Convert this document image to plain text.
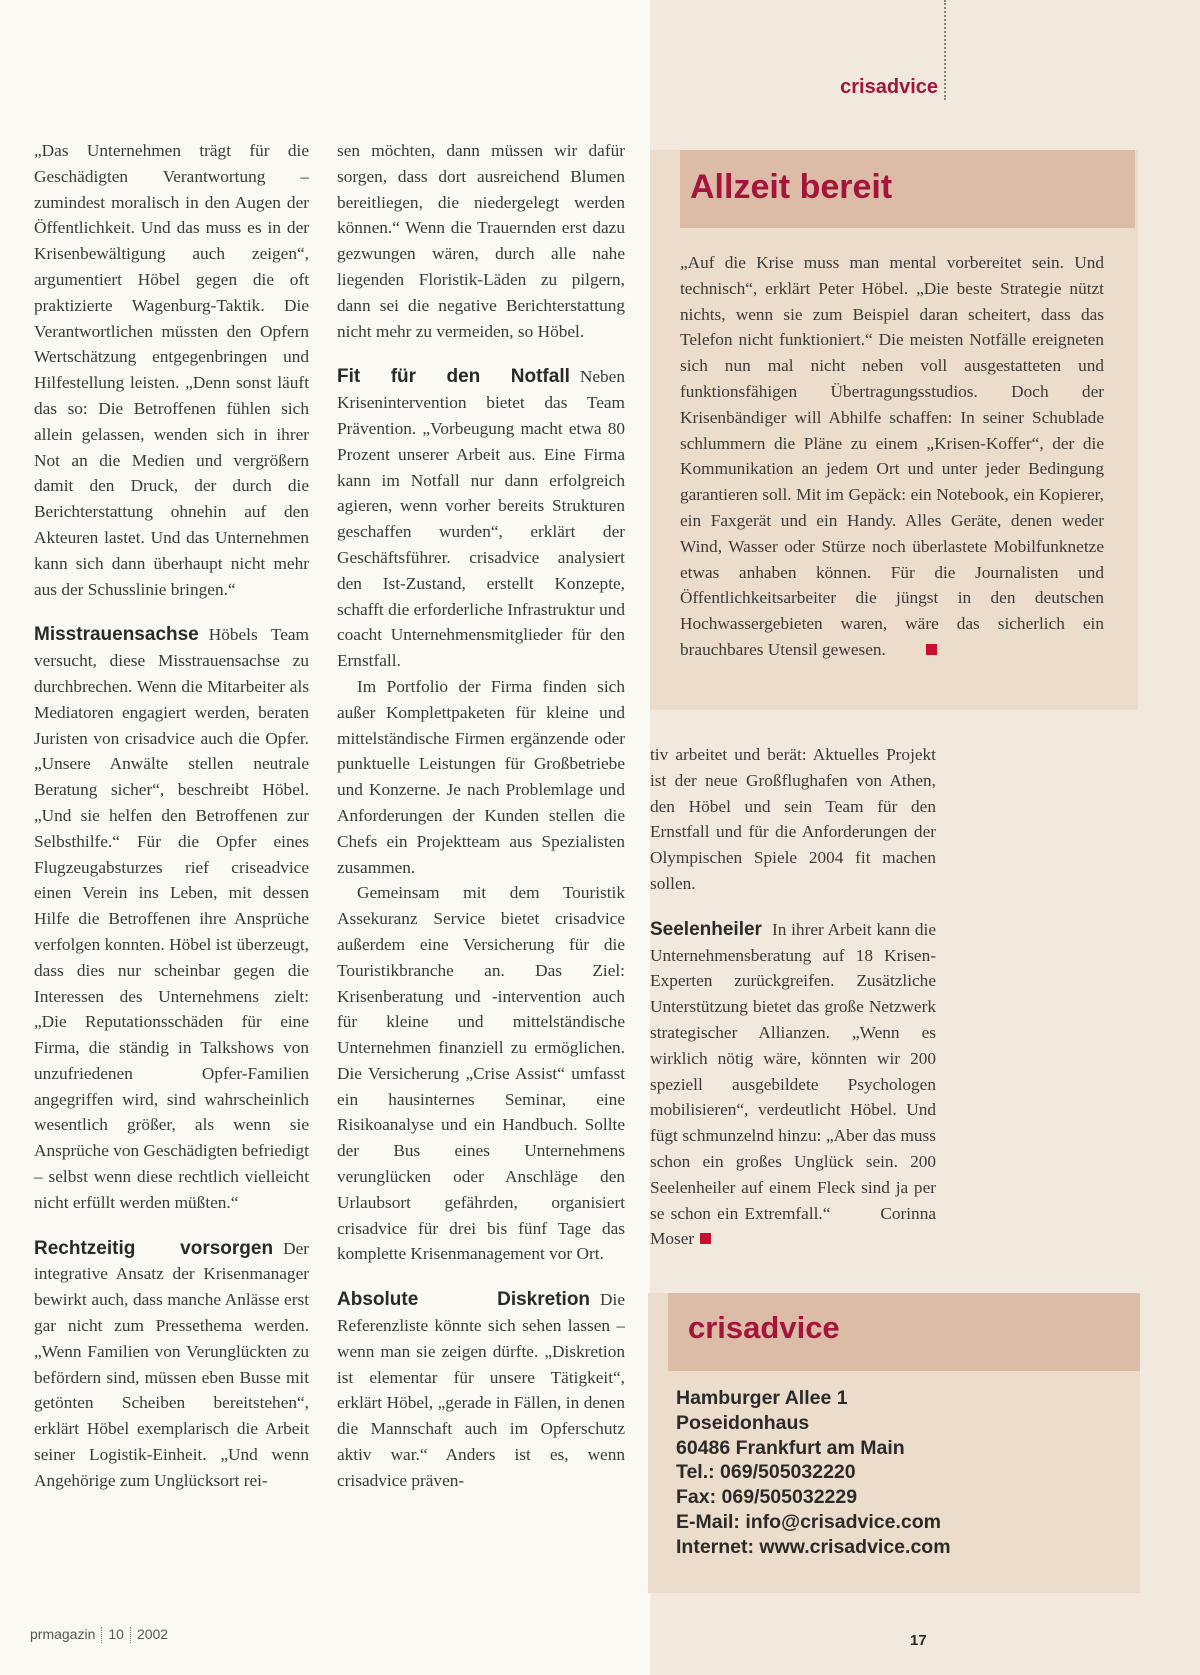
crisadvice

„Das Unternehmen trägt für die Geschädigten Verantwortung – zumindest moralisch in den Augen der Öffentlichkeit. Und das muss es in der Krisenbewältigung auch zeigen“, argumentiert Höbel gegen die oft praktizierte Wagenburg-Taktik. Die Verantwortlichen müssten den Opfern Wertschätzung entgegenbringen und Hilfestellung leisten. „Denn sonst läuft das so: Die Betroffenen fühlen sich allein gelassen, wenden sich in ihrer Not an die Medien und vergrößern damit den Druck, der durch die Berichterstattung ohnehin auf den Akteuren lastet. Und das Unternehmen kann sich dann überhaupt nicht mehr aus der Schusslinie bringen.“

Misstrauensachse Höbels Team versucht, diese Misstrauensachse zu durchbrechen. Wenn die Mitarbeiter als Mediatoren engagiert werden, beraten Juristen von crisadvice auch die Opfer. „Unsere Anwälte stellen neutrale Beratung sicher“, beschreibt Höbel. „Und sie helfen den Betroffenen zur Selbsthilfe.“ Für die Opfer eines Flugzeugabsturzes rief criseadvice einen Verein ins Leben, mit dessen Hilfe die Betroffenen ihre Ansprüche verfolgen konnten. Höbel ist überzeugt, dass dies nur scheinbar gegen die Interessen des Unternehmens zielt: „Die Reputationsschäden für eine Firma, die ständig in Talkshows von unzufriedenen Opfer-Familien angegriffen wird, sind wahrscheinlich wesentlich größer, als wenn sie Ansprüche von Geschädigten befriedigt – selbst wenn diese rechtlich vielleicht nicht erfüllt werden müßten.“

Rechtzeitig vorsorgen Der integrative Ansatz der Krisenmanager bewirkt auch, dass manche Anlässe erst gar nicht zum Pressethema werden. „Wenn Familien von Verunglückten zu befördern sind, müssen eben Busse mit getönten Scheiben bereitstehen“, erklärt Höbel exemplarisch die Arbeit seiner Logistik-Einheit. „Und wenn Angehörige zum Unglücksort rei-

sen möchten, dann müssen wir dafür sorgen, dass dort ausreichend Blumen bereitliegen, die niedergelegt werden können.“ Wenn die Trauernden erst dazu gezwungen wären, durch alle nahe liegenden Floristik-Läden zu pilgern, dann sei die negative Berichterstattung nicht mehr zu vermeiden, so Höbel.

Fit für den Notfall Neben Krisenintervention bietet das Team Prävention. „Vorbeugung macht etwa 80 Prozent unserer Arbeit aus. Eine Firma kann im Notfall nur dann erfolgreich agieren, wenn vorher bereits Strukturen geschaffen wurden“, erklärt der Geschäftsführer. crisadvice analysiert den Ist-Zustand, erstellt Konzepte, schafft die erforderliche Infrastruktur und coacht Unternehmensmitglieder für den Ernstfall.

Im Portfolio der Firma finden sich außer Komplettpaketen für kleine und mittelständische Firmen ergänzende oder punktuelle Leistungen für Großbetriebe und Konzerne. Je nach Problemlage und Anforderungen der Kunden stellen die Chefs ein Projektteam aus Spezialisten zusammen.

Gemeinsam mit dem Touristik Assekuranz Service bietet crisadvice außerdem eine Versicherung für die Touristikbranche an. Das Ziel: Krisenberatung und -intervention auch für kleine und mittelständische Unternehmen finanziell zu ermöglichen. Die Versicherung „Crise Assist“ umfasst ein hausinternes Seminar, eine Risikoanalyse und ein Handbuch. Sollte der Bus eines Unternehmens verunglücken oder Anschläge den Urlaubsort gefährden, organisiert crisadvice für drei bis fünf Tage das komplette Krisenmanagement vor Ort.

Absolute Diskretion Die Referenzliste könnte sich sehen lassen – wenn man sie zeigen dürfte. „Diskretion ist elementar für unsere Tätigkeit“, erklärt Höbel, „gerade in Fällen, in denen die Mannschaft auch im Opferschutz aktiv war.“ Anders ist es, wenn crisadvice präven-

Allzeit bereit

„Auf die Krise muss man mental vorbereitet sein. Und technisch“, erklärt Peter Höbel. „Die beste Strategie nützt nichts, wenn sie zum Beispiel daran scheitert, dass das Telefon nicht funktioniert.“ Die meisten Notfälle ereigneten sich nun mal nicht neben voll ausgestatteten und funktionsfähigen Übertragungsstudios. Doch der Krisenbändiger will Abhilfe schaffen: In seiner Schublade schlummern die Pläne zu einem „Krisen-Koffer“, der die Kommunikation an jedem Ort und unter jeder Bedingung garantieren soll. Mit im Gepäck: ein Notebook, ein Kopierer, ein Faxgerät und ein Handy. Alles Geräte, denen weder Wind, Wasser oder Stürze noch überlastete Mobilfunknetze etwas anhaben können. Für die Journalisten und Öffentlichkeitsarbeiter die jüngst in den deutschen Hochwassergebieten waren, wäre das sicherlich ein brauchbares Utensil gewesen.

tiv arbeitet und berät: Aktuelles Projekt ist der neue Großflughafen von Athen, den Höbel und sein Team für den Ernstfall und für die Anforderungen der Olympischen Spiele 2004 fit machen sollen.

Seelenheiler In ihrer Arbeit kann die Unternehmensberatung auf 18 Krisen-Experten zurückgreifen. Zusätzliche Unterstützung bietet das große Netzwerk strategischer Allianzen. „Wenn es wirklich nötig wäre, könnten wir 200 speziell ausgebildete Psychologen mobilisieren“, verdeutlicht Höbel. Und fügt schmunzelnd hinzu: „Aber das muss schon ein großes Unglück sein. 200 Seelenheiler auf einem Fleck sind ja per se schon ein Extremfall.“	Corinna Moser

crisadvice
Hamburger Allee 1
Poseidonhaus
60486 Frankfurt am Main
Tel.: 069/505032220
Fax: 069/505032229
E-Mail: info@crisadvice.com
Internet: www.crisadvice.com
prmagazin 10 2002	17
